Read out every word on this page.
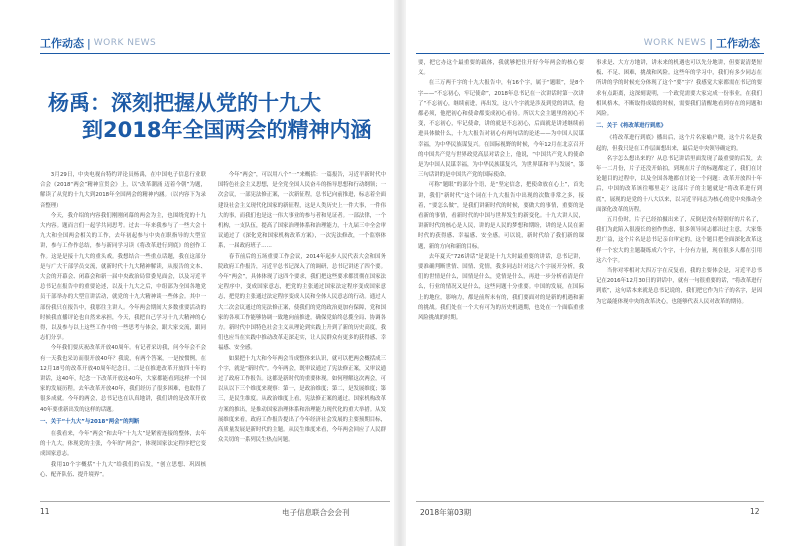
工作动态 | WORK NEWS
杨禹：深刻把握从党的十九大
到2018年全国两会的精神内涵

3月29日，中央电视台特约评论员杨禹，在中国电子信息行业联合会《2018“两会”精神宣贯会》上，以“改革潮涌 迈着今朝”为题，解读了从党的十九大到2018年全国两会的精神内涵。（以内容下为录音整理）

今天，我介绍的内容我们刚刚闭幕的两会为主，也围绕党的十九大内容。题而言们一起学共同思考。过去一年来我参与了一些大会十九大和全国两会相关的工作，去年初起参与中央在职指导的大型宣讲，参与工作作总结，参与新同学习读《将改革进行到底》的创作工作。这是是接十九大的重头戏。我想结合一些重点话题，我在这部分是与广大干部学员交流，就新时代十九大精神解读，从报告的文本、大会的开幕会、闭幕会和新一届中央政治局常委见面会，以及习近平总书记在报告中的重要论述，以及十九大之后，中组部为全国各地党员干部举办的大型宣讲活动，就党的十九大精神谈一些体会。其中一部份我只在报告中，我那往主讲人。今年两会期间大多数重要活动的时候我直播评论也自然来承担，今天，我把自己学习十九大精神的心得，以及参与以上这些工作中的一些思考与体会，跟大家交流，跟同志们分享。

今年我们要庆祝改革开放40周年。有记者采访我，问今年会不会有一天我也采访而很开放40年？我说，有两个答案，一是按惯例，在12月18号的改革开放40周年纪念日，二是在推进改革开放四十年的讲话，这40年，纪念一下改革开放这40年，大家都能看到这样一个国家的发展历程。去年改革开放40年，我们经历了很多困难，也取得了很多成就。今年的两会，总书记也在认真地讲，我们讲的是改革开放40年要重新出发的这样的话题。

一、关于“十九大”与2018“两会”的判断

在我看来，今年“两会”和去年“十九大”是紧密连接的整体，去年的十九大，体现党的主张，今年的“两会”，体现国家法定程序把它变成国家意志。

我用10个字概括“十九大”给我们的启发，“创立思想、巩固核心、配齐队伍、提升境界”。

今年“两会”，可以用八个“一”来概括：一篇报告，习近平新时代中国特色社会主义思想，是全党全国人民奋斗的指导思想和行动纲领；一次会议，一部宪法修正案，一次新征程，总书记向前推进，标志着全面建设社会主义现代化国家的新征程，这是人类历史上一件大事，一件伟大的事，而我们也是这一伟大事业的参与者和见证者。一部法律，一个机构，一支队伍，提高了国家治理体系和治理能力，十九届三中全会审议通过了《深化党和国家机构改革方案》，一次宪法修改，一个监察体系，一届政府班子……

春节前后的五场重要工作会议，2014年起步人民代表大会和国务院政府工作报告，习近平总书记深入了的调研，总书记讲述了四个要。今年“两会”，具体体现了这四个要求，我们把这些要求都贯彻在国家法定程序中，变成国家意志，把党的主张通过国家法定程序变成国家意志，把党的主张通过法定程序变成人民和全体人民意志的行动。通过人大二次会议通过的宪法修正案，使我们的党的政治更加有保障，党和国家的各项工作能够协调一致地向前推进，确保党始终总揽全局、协调各方。新时代中国特色社会主义从理论到实践上升到了新的历史高度，我们也应当在实践中推动改革走深走实，让人民群众有更多的获得感、幸福感、安全感。

如果把十九大和今年两会当成整体来认识，就可以把两会概括成三个字，就是“新时代”。今年两会，既审议通过了宪法修正案，又审议通过了政府工作报告。这都是新时代的重要体现。如何理解这次两会，可以从以下三个维度来观察：第一，是政治维度；第二，是发展维度；第三，是民生维度。从政治维度上看，宪法修正案的通过，国家机构改革方案的推出，是推动国家治理体系和治理能力现代化的重大举措。从发展维度来看，政府工作报告提出了今年经济社会发展的主要预期目标，高质量发展是新时代的主题。从民生维度来看，今年两会回应了人民群众关切的一系列民生热点问题。

11	电子信息联合会会刊
WORK NEWS | 工作动态

要，把它办这个最重要的载体，我就够把住开好今年两会的核心要义。

在三万两千字的十九大报告中，有16个字，属于“题眼”，是8个字——“不忘初心，牢记使命”，2018年总书记在一次讲话时第一次讲了“不忘初心，继续前进，再出发，这八个字就是涉及到党的讲话，他都必须，他把初心和使命都变成初心看待。所以大会主题里的初心不变，不忘初心，牢记使命，讲的就是不忘初心，后面就是讲述继续前进具体做什么，十九大报告对初心有两句话的论述——为中国人民谋幸福，为中华民族谋复兴。在国际视野的时候，今年12月在北京召开的中国共产党与世界政党高层对话会上，他说，“中国共产党人的使命是为中国人民谋幸福，为中华民族谋复兴，为世界谋和平与发展”，第三句话讲的是中国共产党的国际使命。

可称“题眼”的部分个语，是“坚定信念，把使命放在心上”，首先讲，我们“新时代”这个词在十九大报告中出现的次数非常之多，接着，“要怎么做”，是我们讲新时代的时候，要做大的事情，重要的是看新的事情，看新时代的中国与世界发生的新变化。十九大讲人民，讲新时代的核心是人民，讲的是人民的梦想和期盼，讲的是人民在新时代的获得感、幸福感、安全感。可以说，新时代给了我们新的课题，新的方向和新的目标。

去年夏天“726讲话”是说是十九大时最重要的讲话，总书记讲，要准确判断世情、国情、党情，我多同志针对这六个字展开分析，我们的世情是什么，国情是什么，党情是什么，再进一步分析看清是什么，行业的情况又是什么，这些问题十分重要。中国的发展，在国际上的地位，影响力，都是前所未有的，我们要面对的是新的机遇和新的挑战。我们处在一个大有可为的历史机遇期，也处在一个面临重重风险挑战的时期。

事求是、大方方地讲，讲未来的机遇也可以先分地讲，但要说清楚短板、不足、困难，挑战和风险。这些年的学习中，我们有多少同志在所讲的学的时候充分体现了这个“要”字？我感觉大家都需在书记的要求有点距离，这深刻说明，一个政党需要大家完成一份事业，在我们相风格木，不断取得成绩的时候，需要我们清醒地看到存在的问题和风险。

二、关于《将改革进行到底》

《将改革进行到底》播出后，这个片名家喻户晓，这个片名是我起的，但我只是在工作层面想出来，最后是中央领导确定的。

名字怎么想出来的？从总书记讲话里面发现了最重要的后发，去年一二月份，片子还没开始拍，到现在片子的标题都定了，我们在讨论题目的过程中，以及全国各地都在讨论一个问题：改革开放四十年后，中国的改革该往哪里走？这部片子的主题就是“将改革进行到底”，展现的是党的十八大以来，以习近平同志为核心的党中央推动全面深化改革的历程。

五月份时，片子已经拍摄出来了，反倒是没有特别好的片名了，我们为此陷入很漫长的创作焦虑，很多领导同志都出过主意，大家集思广益，这个片名是总书记亲自审定的，这个题目把全面深化改革这样一个宏大的主题凝练成六个字，十分有力量，现在很多人都在引用这六个字。

当你对零相对大四万字在反复看，我的主要体会是，习近平总书记在2016年12月30日的讲话中，就有一句很重要的话，“将改革进行到底”，这句话本来就是总书记说的，我们把它作为片子的名字，是因为它最能体现中央的改革决心，也能够代表人民对改革的期待。

2018年第03期	12
